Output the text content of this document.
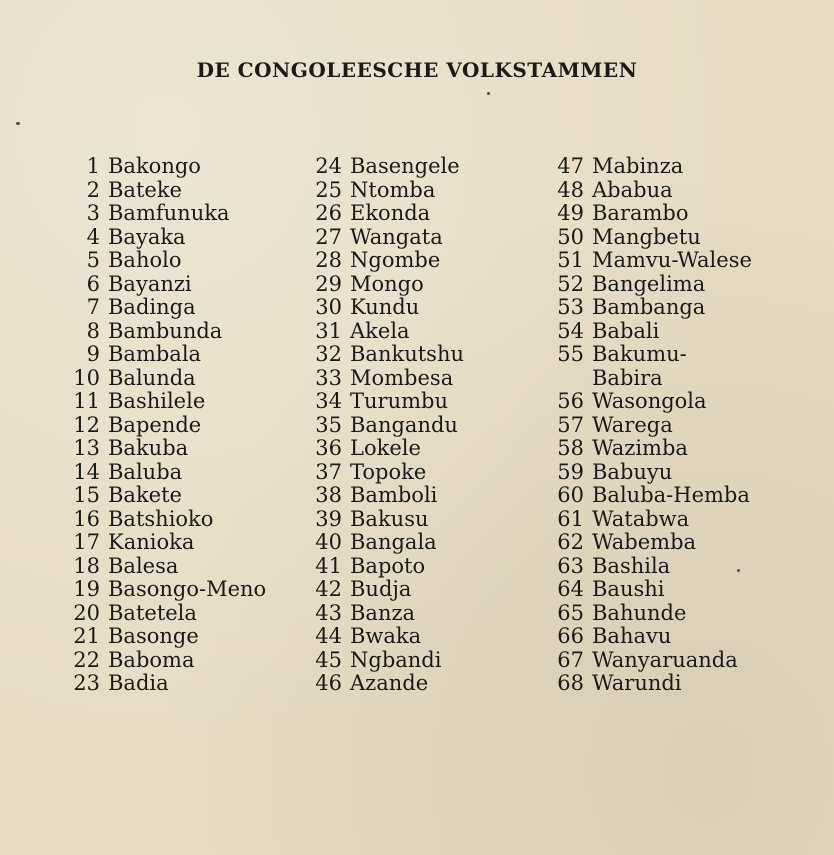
DE CONGOLEESCHE VOLKSTAMMEN
1 Bakongo
2 Bateke
3 Bamfunuka
4 Bayaka
5 Baholo
6 Bayanzi
7 Badinga
8 Bambunda
9 Bambala
10 Balunda
11 Bashilele
12 Bapende
13 Bakuba
14 Baluba
15 Bakete
16 Batshioko
17 Kanioka
18 Balesa
19 Basongo-Meno
20 Batetela
21 Basonge
22 Baboma
23 Badia
24 Basengele
25 Ntomba
26 Ekonda
27 Wangata
28 Ngombe
29 Mongo
30 Kundu
31 Akela
32 Bankutshu
33 Mombesa
34 Turumbu
35 Bangandu
36 Lokele
37 Topoke
38 Bamboli
39 Bakusu
40 Bangala
41 Bapoto
42 Budja
43 Banza
44 Bwaka
45 Ngbandi
46 Azande
47 Mabinza
48 Ababua
49 Barambo
50 Mangbetu
51 Mamvu-Walese
52 Bangelima
53 Bambanga
54 Babali
55 Bakumu-
Babira
56 Wasongola
57 Warega
58 Wazimba
59 Babuyu
60 Baluba-Hemba
61 Watabwa
62 Wabemba
63 Bashila
64 Baushi
65 Bahunde
66 Bahavu
67 Wanyaruanda
68 Warundi
